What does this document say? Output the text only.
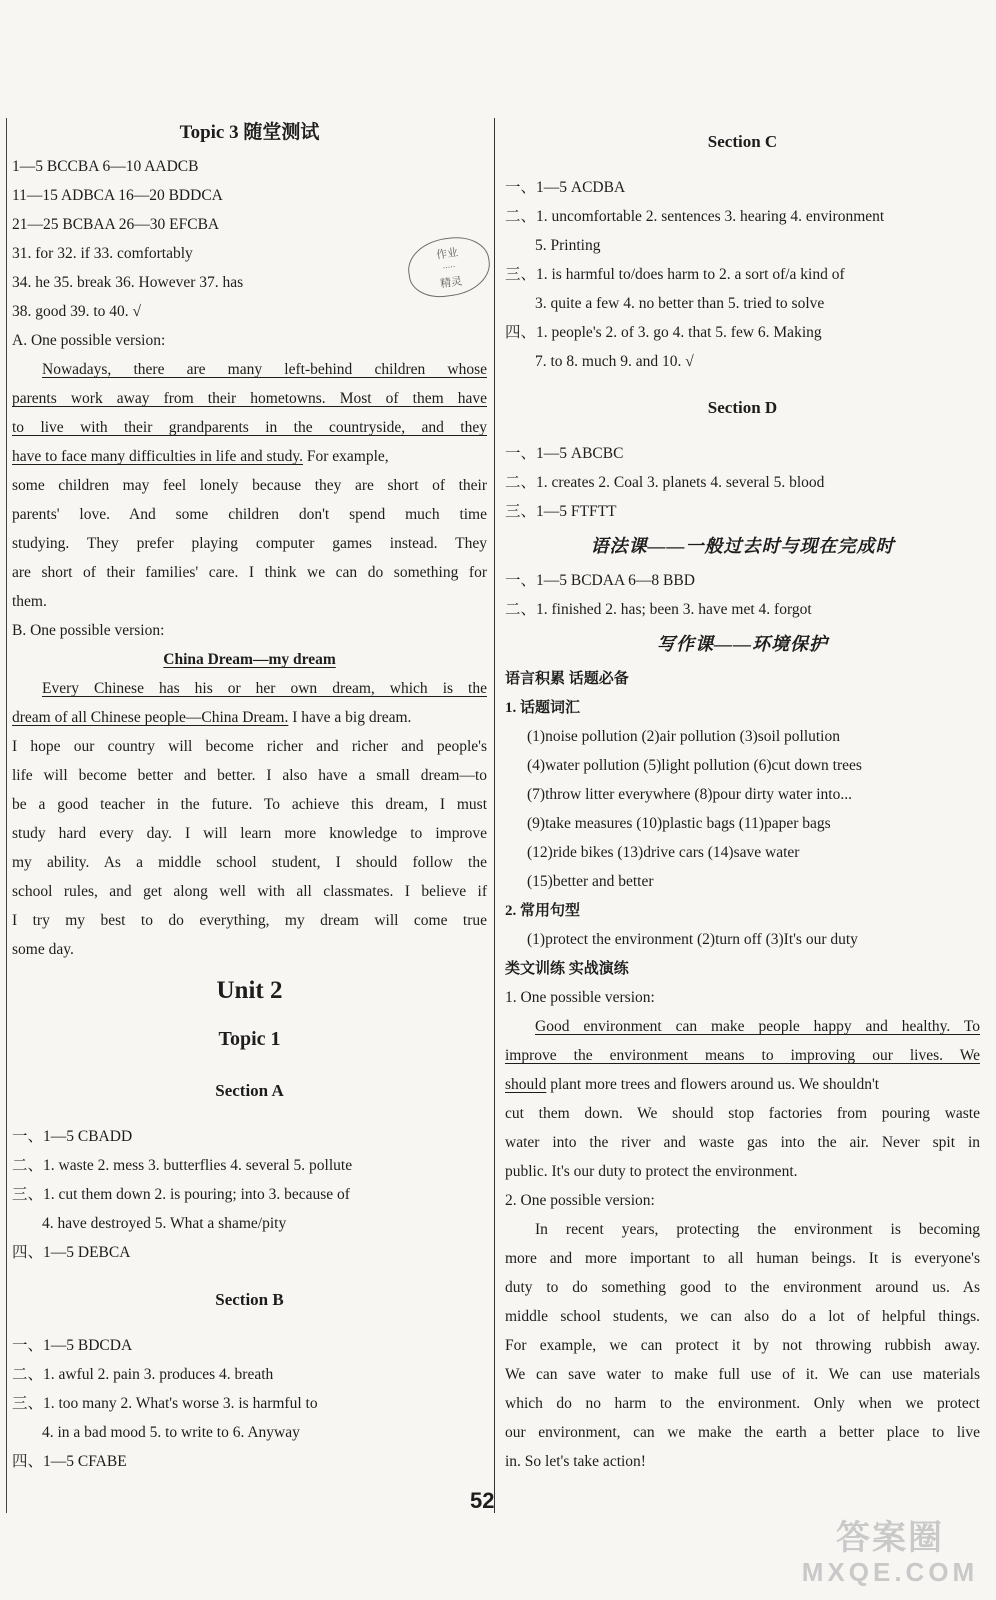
Topic 3 随堂测试
1—5 BCCBA 6—10 AADCB
11—15 ADBCA 16—20 BDDCA
21—25 BCBAA 26—30 EFCBA
31. for 32. if 33. comfortably
34. he 35. break 36. However 37. has
38. good 39. to 40. √
A. One possible version:
Nowadays, there are many left-behind children whose
parents work away from their hometowns. Most of them have
to live with their grandparents in the countryside, and they
have to face many difficulties in life and study. For example,
some children may feel lonely because they are short of their
parents' love. And some children don't spend much time
studying. They prefer playing computer games instead. They
are short of their families' care. I think we can do something for
them.
B. One possible version:
China Dream—my dream
Every Chinese has his or her own dream, which is the
dream of all Chinese people—China Dream. I have a big dream.
I hope our country will become richer and richer and people's
life will become better and better. I also have a small dream—to
be a good teacher in the future. To achieve this dream, I must
study hard every day. I will learn more knowledge to improve
my ability. As a middle school student, I should follow the
school rules, and get along well with all classmates. I believe if
I try my best to do everything, my dream will come true
some day.
Unit 2
Topic 1
Section A
一、1—5 CBADD
二、1. waste 2. mess 3. butterflies 4. several 5. pollute
三、1. cut them down 2. is pouring; into 3. because of
4. have destroyed 5. What a shame/pity
四、1—5 DEBCA
Section B
一、1—5 BDCDA
二、1. awful 2. pain 3. produces 4. breath
三、1. too many 2. What's worse 3. is harmful to
4. in a bad mood 5. to write to 6. Anyway
四、1—5 CFABE
作业
·····
精灵
Section C
一、1—5 ACDBA
二、1. uncomfortable 2. sentences 3. hearing 4. environment
5. Printing
三、1. is harmful to/does harm to 2. a sort of/a kind of
3. quite a few 4. no better than 5. tried to solve
四、1. people's 2. of 3. go 4. that 5. few 6. Making
7. to 8. much 9. and 10. √
Section D
一、1—5 ABCBC
二、1. creates 2. Coal 3. planets 4. several 5. blood
三、1—5 FTFTT
语法课——一般过去时与现在完成时
一、1—5 BCDAA 6—8 BBD
二、1. finished 2. has; been 3. have met 4. forgot
写作课——环境保护
语言积累 话题必备
1. 话题词汇
(1)noise pollution (2)air pollution (3)soil pollution
(4)water pollution (5)light pollution (6)cut down trees
(7)throw litter everywhere (8)pour dirty water into...
(9)take measures (10)plastic bags (11)paper bags
(12)ride bikes (13)drive cars (14)save water
(15)better and better
2. 常用句型
(1)protect the environment (2)turn off (3)It's our duty
类文训练 实战演练
1. One possible version:
Good environment can make people happy and healthy. To
improve the environment means to improving our lives. We
should plant more trees and flowers around us. We shouldn't
cut them down. We should stop factories from pouring waste
water into the river and waste gas into the air. Never spit in
public. It's our duty to protect the environment.
2. One possible version:
In recent years, protecting the environment is becoming
more and more important to all human beings. It is everyone's
duty to do something good to the environment around us. As
middle school students, we can also do a lot of helpful things.
For example, we can protect it by not throwing rubbish away.
We can save water to make full use of it. We can use materials
which do no harm to the environment. Only when we protect
our environment, can we make the earth a better place to live
in. So let's take action!
52
答案圈
MXQE.COM
